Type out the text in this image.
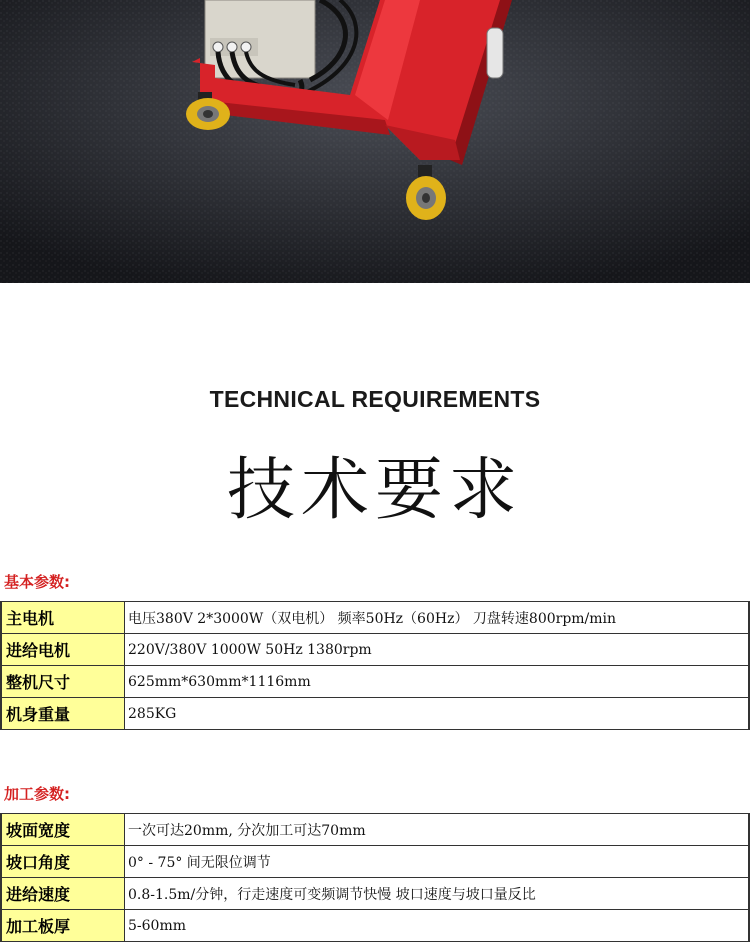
TECHNICAL REQUIREMENTS
技术要求
基本参数:
主电机	电压380V 2*3000W（双电机） 频率50Hz（60Hz） 刀盘转速800rpm/min
进给电机	220V/380V 1000W 50Hz 1380rpm
整机尺寸	625mm*630mm*1116mm
机身重量	285KG
加工参数:
坡面宽度	一次可达20mm, 分次加工可达70mm
坡口角度	0° - 75° 间无限位调节
进给速度	0.8-1.5m/分钟，行走速度可变频调节快慢 坡口速度与坡口量反比
加工板厚	5-60mm
